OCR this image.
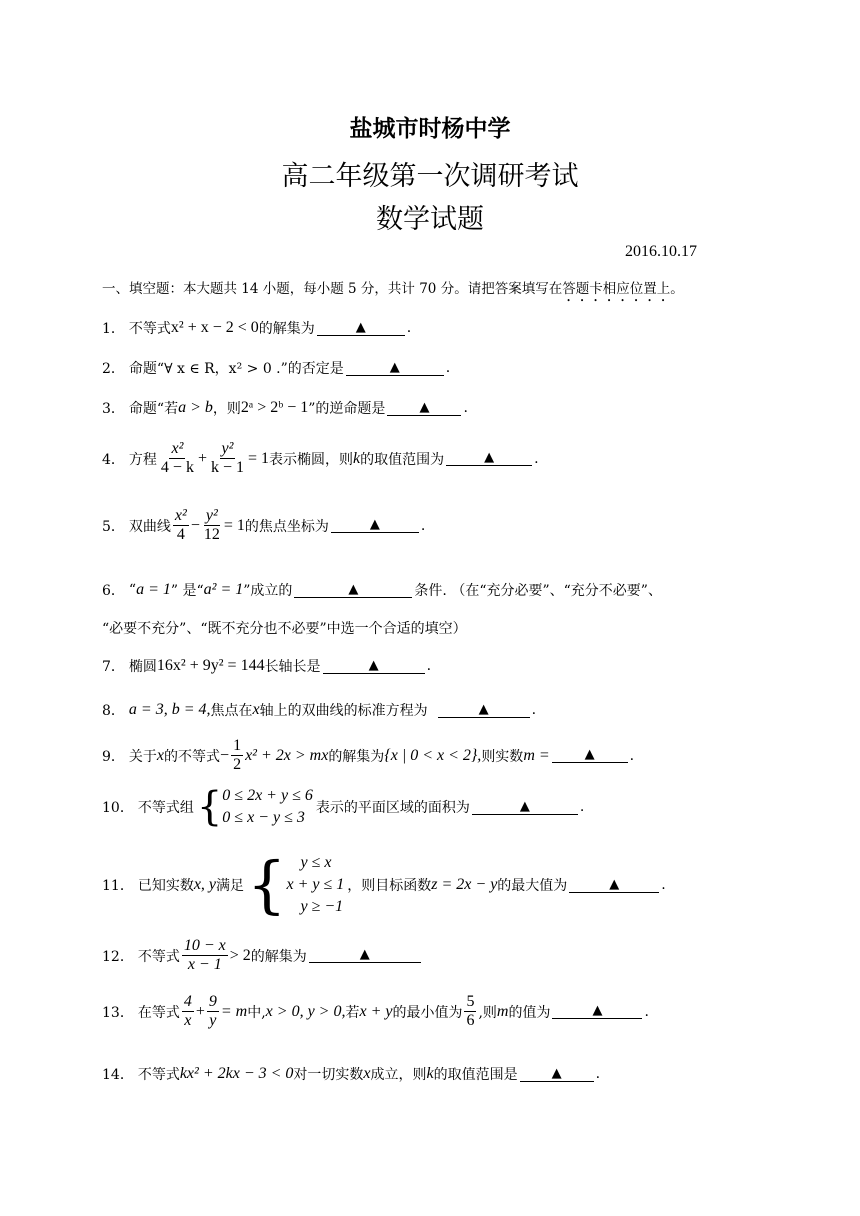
盐城市时杨中学
高二年级第一次调研考试
数学试题
2016.10.17
一、填空题：本大题共 14 小题，每小题 5 分，共计 70 分。请把答案填写在答题卡相应位置上。
1． 不等式 x² + x − 2 < 0 的解集为	▲	.
2． 命题“∀ x ∈ R，x² > 0 .”的否定是	▲	.
3． 命题“若 a > b ，则 2ᵃ > 2ᵇ − 1 ”的逆命题是	▲	.
4． 方程 $\frac{\text{x²}}{4 - k} + \frac{\text{y²}}{k - 1} = 1$ 表示椭圆，则 k 的取值范围为	▲	.
5． 双曲线 $\frac{\text{x²}}{4} - \frac{\text{y²}}{12} = 1$ 的焦点坐标为	▲	.
6． “ a = 1 ” 是“ a² = 1 ”成立的	▲	条件. （在“充分必要”、“充分不必要”、
“必要不充分”、“既不充分也不必要”中选一个合适的填空）
7． 椭圆 16x² + 9y² = 144 长轴长是	▲	.
8． a = 3, b = 4, 焦点在 x 轴上的双曲线的标准方程为	▲	.
9． 关于 x 的不等式 − $\frac{1}{2} x^2 + 2x$ > mx 的解集为 {x | 0 < x < 2}, 则实数 m =	▲	.
10． 不等式组 { 0 ≤ 2x + y ≤ 6
0 ≤ x − y ≤ 3
表示的平面区域的面积为	▲	.
11． 已知实数 x, y 满足 { y ≤ x
x + y ≤ 1
y ≥ −1
，则目标函数 z = 2x − y 的最大值为	▲	.
12． 不等式 $\frac{10 - x}{x - 1} > 2$ 的解集为	▲
13． 在等式 $\frac{4}{x} + \frac{9}{y} = m$ 中, x > 0, y > 0, 若 x + y 的最小值为 $\frac{5}{6}$ ,则 m 的值为	▲	.
14． 不等式 kx² + 2kx − 3 < 0 对一切实数 x 成立，则 k 的取值范围是	▲	.
